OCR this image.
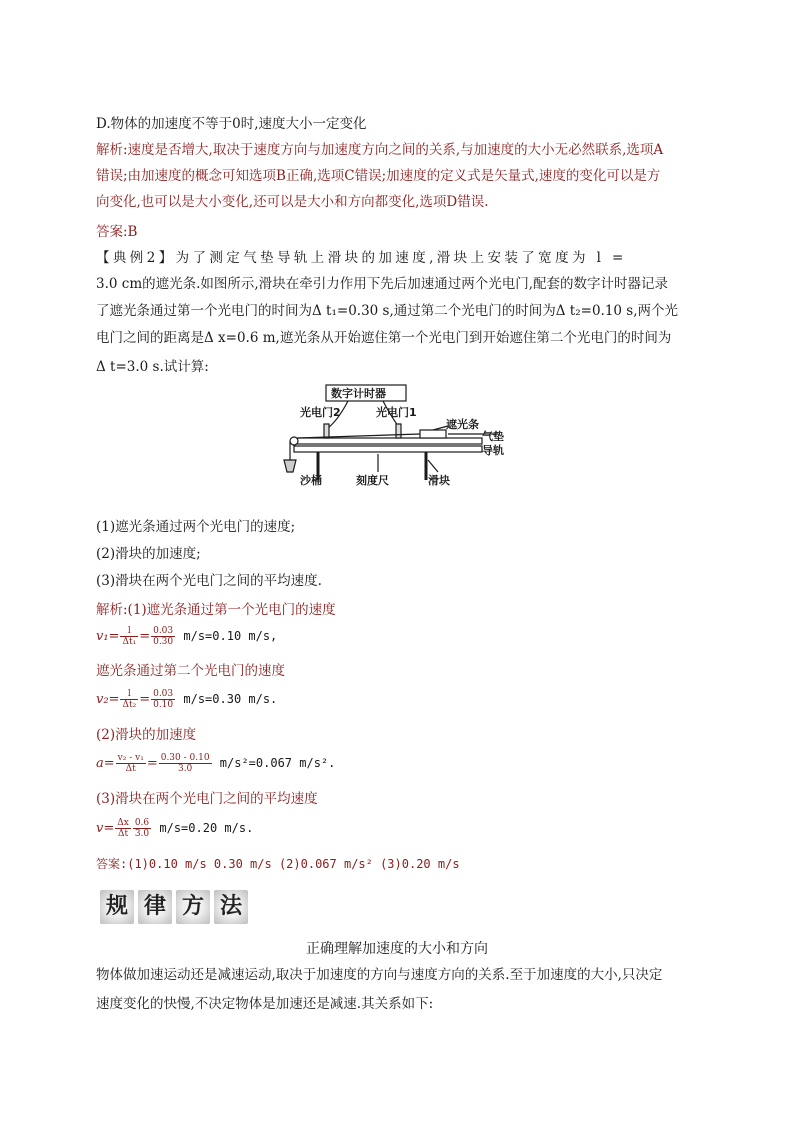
D.物体的加速度不等于0时,速度大小一定变化
解析:速度是否增大,取决于速度方向与加速度方向之间的关系,与加速度的大小无必然联系,选项A
错误;由加速度的概念可知选项B正确,选项C错误;加速度的定义式是矢量式,速度的变化可以是方
向变化,也可以是大小变化,还可以是大小和方向都变化,选项D错误.
答案:B
【典例2】为了测定气垫导轨上滑块的加速度,滑块上安装了宽度为 l =
3.0 cm的遮光条.如图所示,滑块在牵引力作用下先后加速通过两个光电门,配套的数字计时器记录
了遮光条通过第一个光电门的时间为Δ t₁=0.30 s,通过第二个光电门的时间为Δ t₂=0.10 s,两个光
电门之间的距离是Δ x=0.6 m,遮光条从开始遮住第一个光电门到开始遮住第二个光电门的时间为
Δ t=3.0 s.试计算:
数字计时器
光电门2	光电门1
遮光条
气垫
导轨
沙桶	刻度尺	滑块
(1)遮光条通过两个光电门的速度;
(2)滑块的加速度;
(3)滑块在两个光电门之间的平均速度.
解析:(1)遮光条通过第一个光电门的速度
$v_1= \frac{l}{\text{Δt₁}} = \frac{0.03}{0.30} m/s=0.10$ m/s,
遮光条通过第二个光电门的速度
$v_2= \frac{l}{\text{Δt₂}} = \frac{0.03}{0.10} m/s=0.30$ m/s.
(2)滑块的加速度
$a= \frac{\text{v₂ - v₁}}{\Delta t} = \frac{0.30 - 0.10}{3.0} m/s^2=0.067$ m/s².
(3)滑块在两个光电门之间的平均速度
$v= \frac{\Delta x}{\Delta t} \frac{0.6}{3.0} m/s=0.20$ m/s.
答案:(1)0.10 m/s 0.30 m/s (2)0.067 m/s² (3)0.20 m/s
规 律 方 法
正确理解加速度的大小和方向
物体做加速运动还是减速运动,取决于加速度的方向与速度方向的关系.至于加速度的大小,只决定
速度变化的快慢,不决定物体是加速还是减速.其关系如下:
